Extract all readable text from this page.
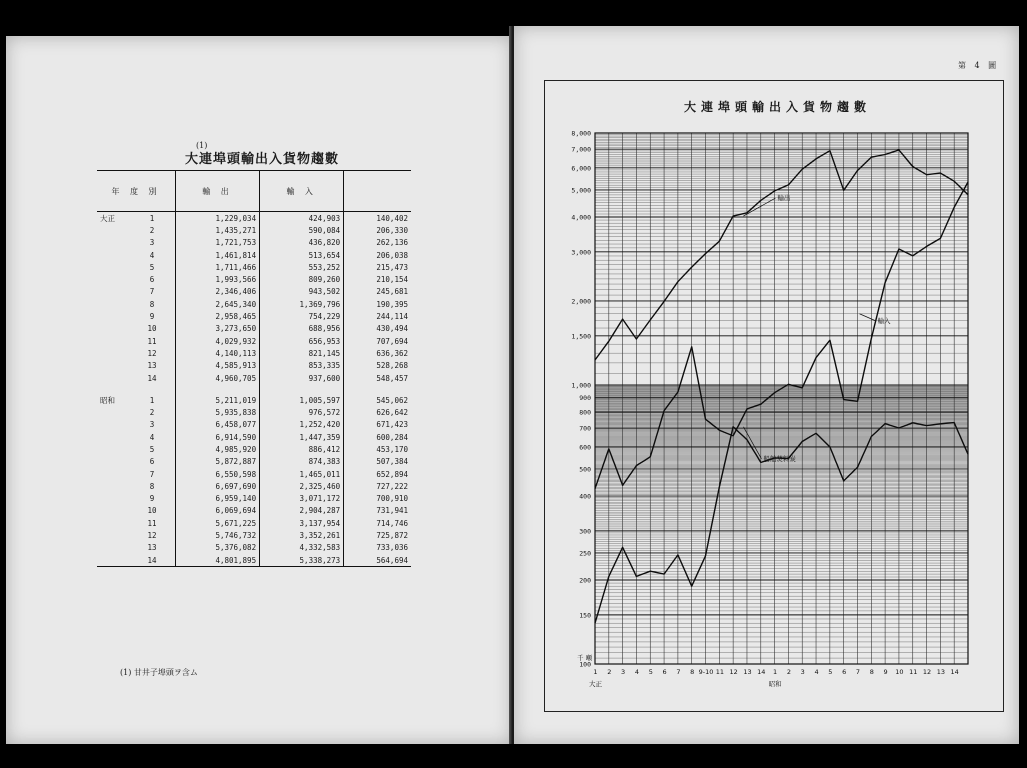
(1)
大連埠頭輸出入貨物趨數
年 度 別		輸 出	輸 入	
大正	1	1,229,034	424,903	140,402
	2	1,435,271	590,084	206,330
	3	1,721,753	436,820	262,136
	4	1,461,814	513,654	206,038
	5	1,711,466	553,252	215,473
	6	1,993,566	809,260	210,154
	7	2,346,406	943,502	245,681
	8	2,645,340	1,369,796	190,395
	9	2,958,465	754,229	244,114
	10	3,273,650	688,956	430,494
	11	4,029,932	656,953	707,694
	12	4,140,113	821,145	636,362
	13	4,585,913	853,335	528,268
	14	4,960,705	937,600	548,457

昭和	1	5,211,019	1,005,597	545,062
	2	5,935,838	976,572	626,642
	3	6,458,077	1,252,420	671,423
	4	6,914,590	1,447,359	600,284
	5	4,985,920	886,412	453,170
	6	5,872,887	874,383	507,384
	7	6,550,598	1,465,011	652,894
	8	6,697,690	2,325,460	727,222
	9	6,959,140	3,071,172	700,910
	10	6,069,694	2,904,287	731,941
	11	5,671,225	3,137,954	714,746
	12	5,746,732	3,352,261	725,872
	13	5,376,082	4,332,583	733,036
	14	4,801,895	5,338,273	564,694
(1) 甘井子埠頭ヲ含ム
第 4 圖
大連埠頭輸出入貨物趨數
100
150
200
250
300
400
500
600
700
800
900
1,000
1,500
2,000
3,000
4,000
5,000
6,000
7,000
8,000
千 噸
1 2 3 4 5 6 7 8 9-10 11 12 13 14 1 2 3 4 5 6 7 8 9 10 11 12 13 14
大正	昭和
輸出
輸入
船舶焚料炭
